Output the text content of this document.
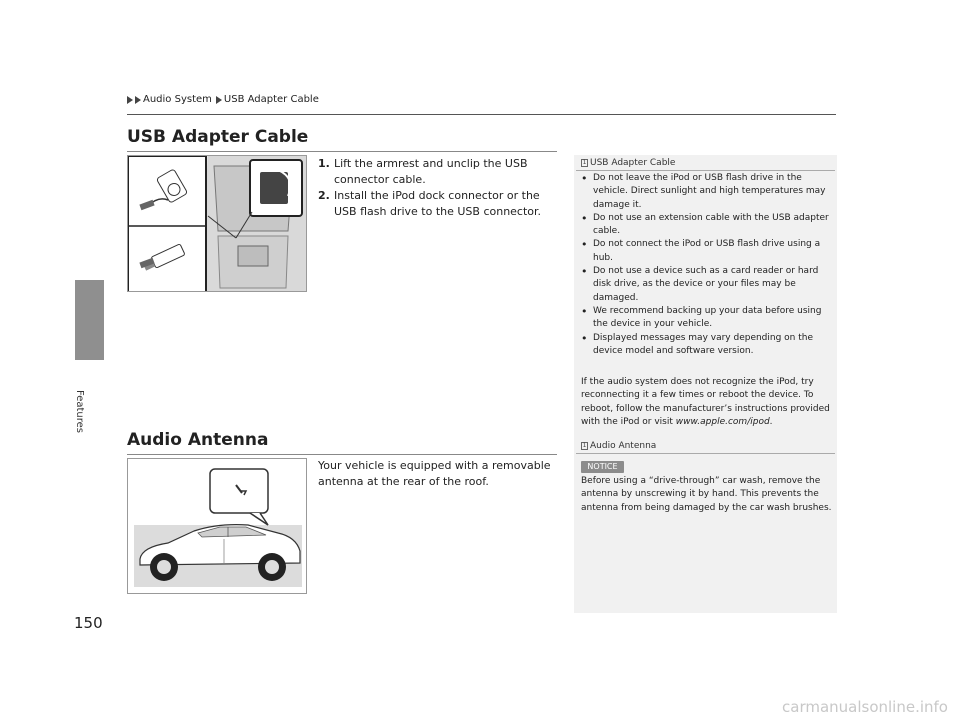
Features
150
Audio System USB Adapter Cable
USB Adapter Cable
1. Lift the armrest and unclip the USB connector cable.
2. Install the iPod dock connector or the USB flash drive to the USB connector.
1 USB Adapter Cable
• Do not leave the iPod or USB flash drive in the vehicle. Direct sunlight and high temperatures may damage it.
• Do not use an extension cable with the USB adapter cable.
• Do not connect the iPod or USB flash drive using a hub.
• Do not use a device such as a card reader or hard disk drive, as the device or your files may be damaged.
• We recommend backing up your data before using the device in your vehicle.
• Displayed messages may vary depending on the device model and software version.
If the audio system does not recognize the iPod, try reconnecting it a few times or reboot the device. To reboot, follow the manufacturer’s instructions provided with the iPod or visit www.apple.com/ipod.
Audio Antenna
Your vehicle is equipped with a removable antenna at the rear of the roof.
1 Audio Antenna
NOTICE
Before using a “drive-through” car wash, remove the antenna by unscrewing it by hand. This prevents the antenna from being damaged by the car wash brushes.
carmanualsonline.info
